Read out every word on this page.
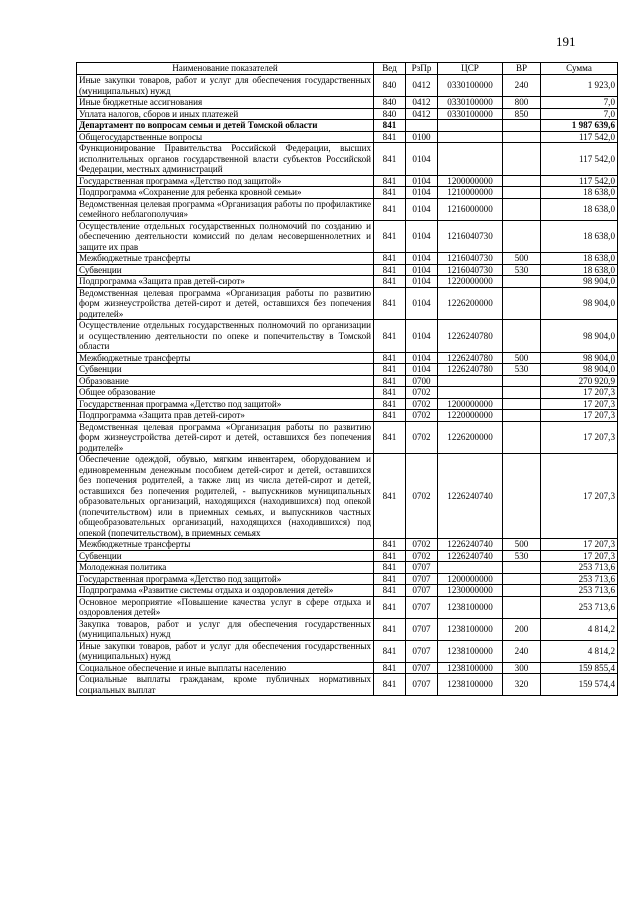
191
Наименование показателей	Вед	РзПр	ЦСР	ВР	Сумма
Иные закупки товаров, работ и услуг для обеспечения государственных (муниципальных) нужд	840	0412	0330100000	240	1 923,0
Иные бюджетные ассигнования	840	0412	0330100000	800	7,0
Уплата налогов, сборов и иных платежей	840	0412	0330100000	850	7,0
Департамент по вопросам семьи и детей Томской области	841				1 987 639,6
Общегосударственные вопросы	841	0100			117 542,0
Функционирование Правительства Российской Федерации, высших исполнительных органов государственной власти субъектов Российской Федерации, местных администраций	841	0104			117 542,0
Государственная программа «Детство под защитой»	841	0104	1200000000		117 542,0
Подпрограмма «Сохранение для ребенка кровной семьи»	841	0104	1210000000		18 638,0
Ведомственная целевая программа «Организация работы по профилактике семейного неблагополучия»	841	0104	1216000000		18 638,0
Осуществление отдельных государственных полномочий по созданию и обеспечению деятельности комиссий по делам несовершеннолетних и защите их прав	841	0104	1216040730		18 638,0
Межбюджетные трансферты	841	0104	1216040730	500	18 638,0
Субвенции	841	0104	1216040730	530	18 638,0
Подпрограмма «Защита прав детей-сирот»	841	0104	1220000000		98 904,0
Ведомственная целевая программа «Организация работы по развитию форм жизнеустройства детей-сирот и детей, оставшихся без попечения родителей»	841	0104	1226200000		98 904,0
Осуществление отдельных государственных полномочий по организации и осуществлению деятельности по опеке и попечительству в Томской области	841	0104	1226240780		98 904,0
Межбюджетные трансферты	841	0104	1226240780	500	98 904,0
Субвенции	841	0104	1226240780	530	98 904,0
Образование	841	0700			270 920,9
Общее образование	841	0702			17 207,3
Государственная программа «Детство под защитой»	841	0702	1200000000		17 207,3
Подпрограмма «Защита прав детей-сирот»	841	0702	1220000000		17 207,3
Ведомственная целевая программа «Организация работы по развитию форм жизнеустройства детей-сирот и детей, оставшихся без попечения родителей»	841	0702	1226200000		17 207,3
Обеспечение одеждой, обувью, мягким инвентарем, оборудованием и единовременным денежным пособием детей-сирот и детей, оставшихся без попечения родителей, а также лиц из числа детей-сирот и детей, оставшихся без попечения родителей, - выпускников муниципальных образовательных организаций, находящихся (находившихся) под опекой (попечительством) или в приемных семьях, и выпускников частных общеобразовательных организаций, находящихся (находившихся) под опекой (попечительством), в приемных семьях	841	0702	1226240740		17 207,3
Межбюджетные трансферты	841	0702	1226240740	500	17 207,3
Субвенции	841	0702	1226240740	530	17 207,3
Молодежная политика	841	0707			253 713,6
Государственная программа «Детство под защитой»	841	0707	1200000000		253 713,6
Подпрограмма «Развитие системы отдыха и оздоровления детей»	841	0707	1230000000		253 713,6
Основное мероприятие «Повышение качества услуг в сфере отдыха и оздоровления детей»	841	0707	1238100000		253 713,6
Закупка товаров, работ и услуг для обеспечения государственных (муниципальных) нужд	841	0707	1238100000	200	4 814,2
Иные закупки товаров, работ и услуг для обеспечения государственных (муниципальных) нужд	841	0707	1238100000	240	4 814,2
Социальное обеспечение и иные выплаты населению	841	0707	1238100000	300	159 855,4
Социальные выплаты гражданам, кроме публичных нормативных социальных выплат	841	0707	1238100000	320	159 574,4
